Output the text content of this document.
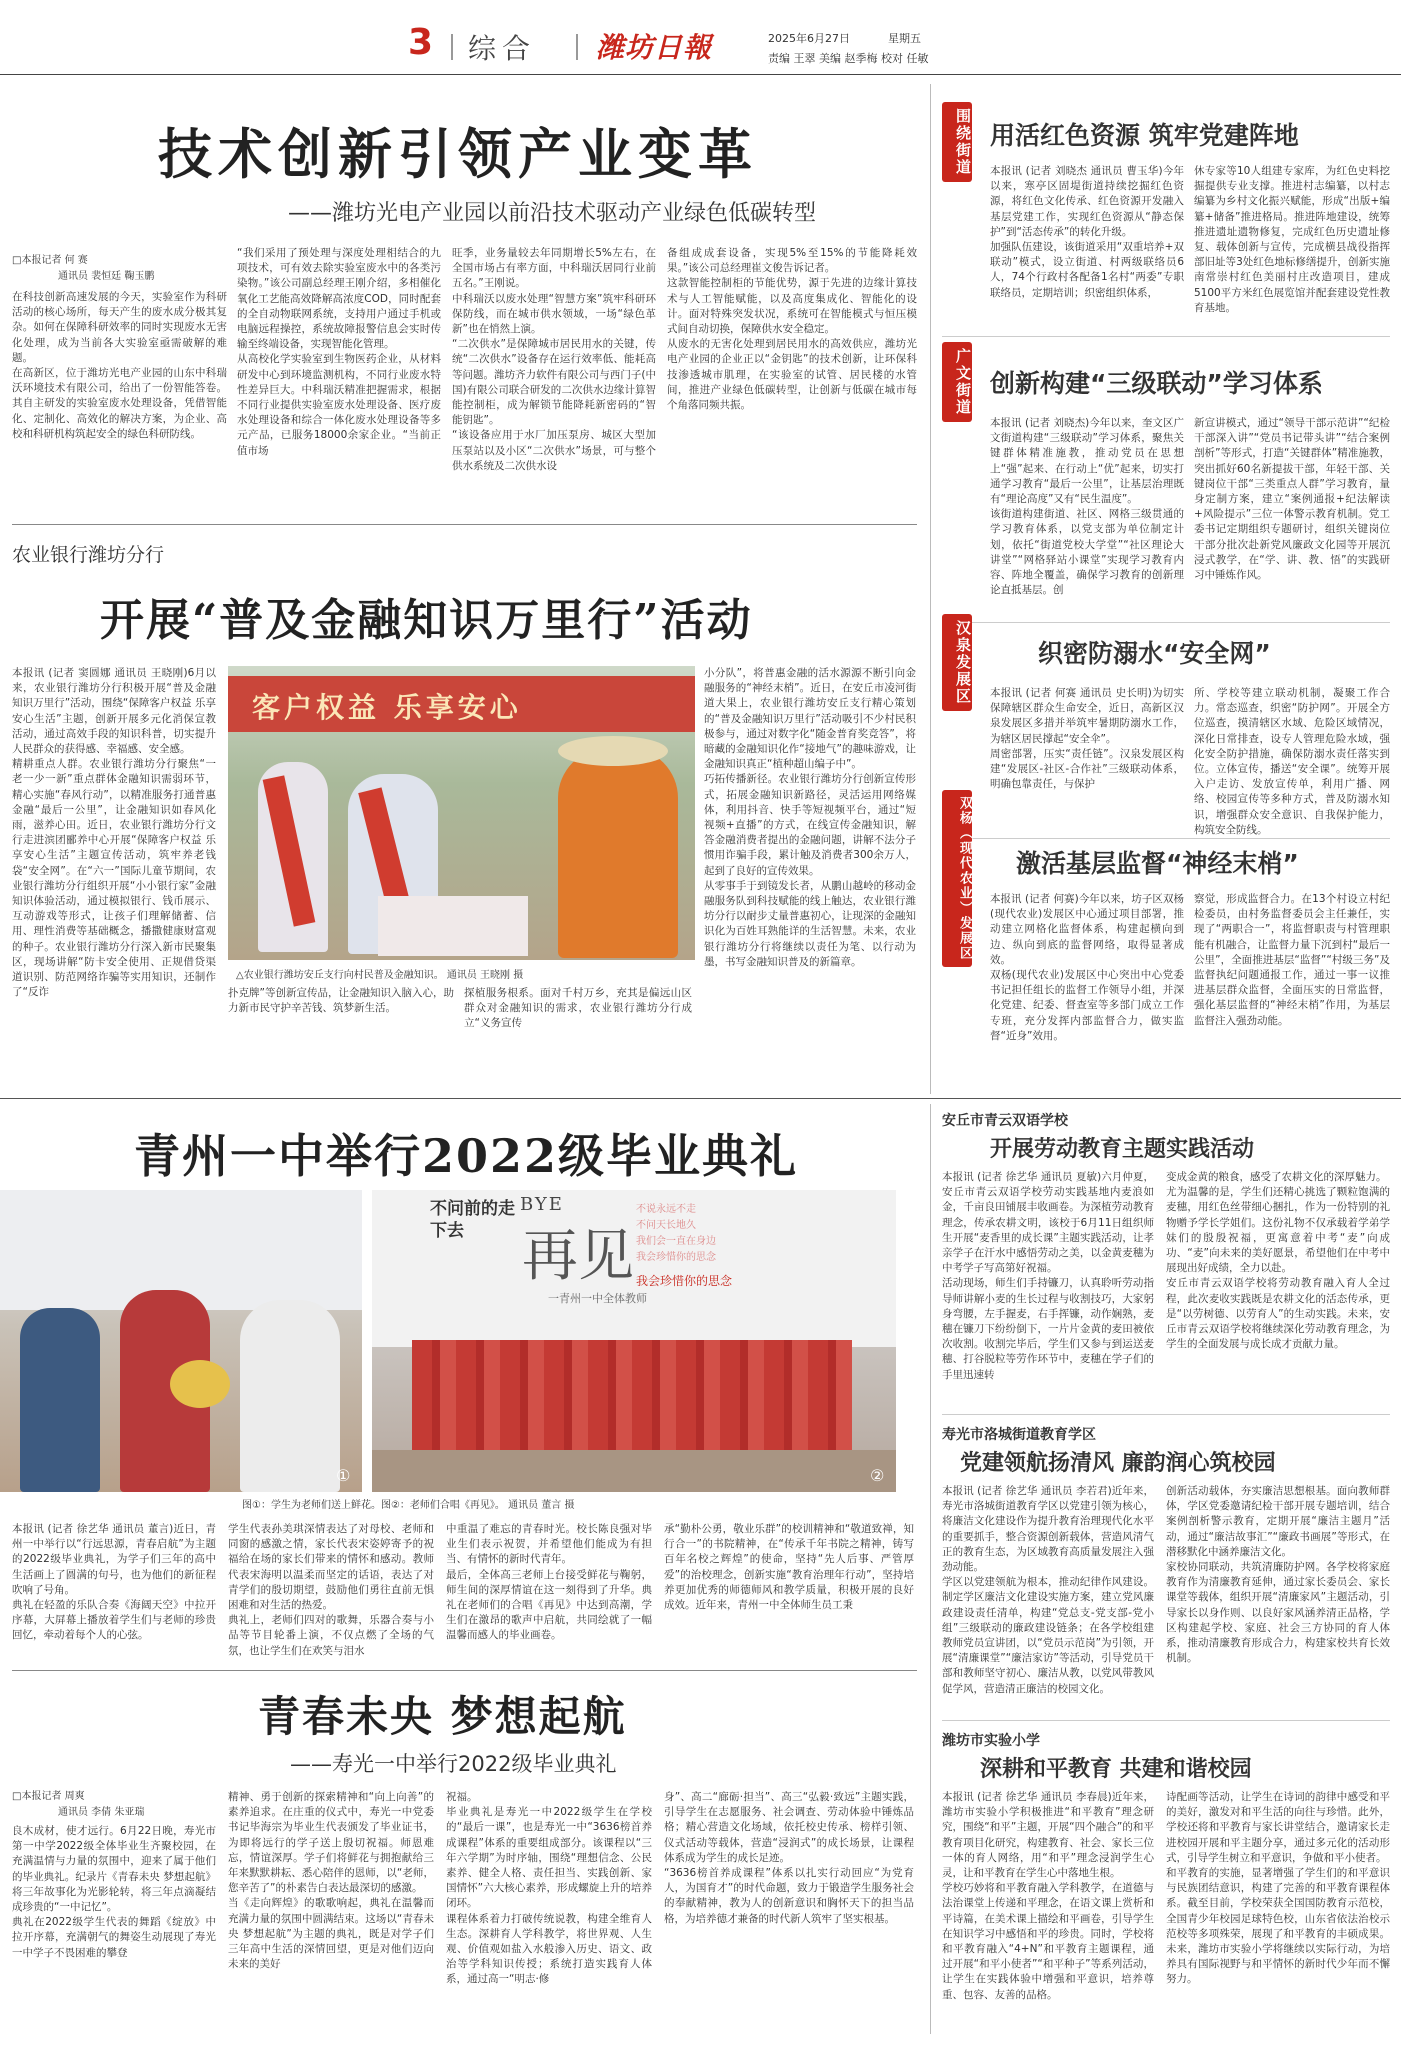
3 综合 潍坊日報	2025年6月27日	星期五
责编 王翠 美编 赵季梅 校对 任敏
技术创新引领产业变革
——潍坊光电产业园以前沿技术驱动产业绿色低碳转型
□本报记者 何 赛
通讯员 裴恒廷 鞠玉鹏
在科技创新高速发展的今天，实验室作为科研活动的核心场所，每天产生的废水成分极其复杂。如何在保障科研效率的同时实现废水无害化处理，成为当前各大实验室亟需破解的难题。
在高新区，位于潍坊光电产业园的山东中科瑞沃环境技术有限公司，给出了一份智能答卷。其自主研发的实验室废水处理设备，凭借智能化、定制化、高效化的解决方案，为企业、高校和科研机构筑起安全的绿色科研防线。
“我们采用了预处理与深度处理相结合的九项技术，可有效去除实验室废水中的各类污染物。”该公司副总经理王刚介绍，多相催化氧化工艺能高效降解高浓度COD，同时配套的全自动物联网系统，支持用户通过手机或电脑远程操控，系统故障报警信息会实时传输至终端设备，实现智能化管理。
从高校化学实验室到生物医药企业，从材料研发中心到环境监测机构，不同行业废水特性差异巨大。中科瑞沃精准把握需求，根据不同行业提供实验室废水处理设备、医疗废水处理设备和综合一体化废水处理设备等多元产品，已服务18000余家企业。“当前正值市场
旺季，业务量较去年同期增长5%左右，在全国市场占有率方面，中科瑞沃居同行业前五名。”王刚说。
中科瑞沃以废水处理“智慧方案”筑牢科研环保防线，而在城市供水领域，一场“绿色革新”也在悄然上演。
“二次供水”是保障城市居民用水的关键，传统“二次供水”设备存在运行效率低、能耗高等问题。潍坊齐力软件有限公司与西门子(中国)有限公司联合研发的二次供水边缘计算智能控制柜，成为解锁节能降耗新密码的“智能钥匙”。
“该设备应用于水厂加压泵房、城区大型加压泵站以及小区“二次供水”场景，可与整个供水系统及二次供水设
备组成成套设备，实现5%至15%的节能降耗效果。”该公司总经理崔文俊告诉记者。
这款智能控制柜的节能优势，源于先进的边缘计算技术与人工智能赋能，以及高度集成化、智能化的设计。面对特殊突发状况，系统可在智能模式与恒压模式间自动切换，保障供水安全稳定。
从废水的无害化处理到居民用水的高效供应，潍坊光电产业园的企业正以“金钥匙”的技术创新，让环保科技渗透城市肌理，在实验室的试管、居民楼的水管间，推进产业绿色低碳转型，让创新与低碳在城市每个角落同频共振。
农业银行潍坊分行
开展“普及金融知识万里行”活动
本报讯 (记者 窦圆娜 通讯员 王晓刚)6月以来，农业银行潍坊分行积极开展“普及金融知识万里行”活动，围绕“保障客户权益 乐享安心生活”主题，创新开展多元化消保宣教活动，通过高效手段的知识科普，切实提升人民群众的获得感、幸福感、安全感。
精耕重点人群。农业银行潍坊分行聚焦“一老一少一新”重点群体金融知识需弱环节，精心实施“春风行动”，以精准服务打通普惠金融“最后一公里”，让金融知识如春风化雨，滋养心田。近日，农业银行潍坊分行文行走进滨团郦养中心开展“保障客户权益 乐享安心生活”主题宣传活动，筑牢养老钱袋“安全网”。在“六一”国际儿童节期间，农业银行潍坊分行组织开展“小小银行家”金融知识体验活动，通过模拟银行、钱币展示、互动游戏等形式，让孩子们理解储蓄、信用、理性消费等基础概念，播撒健康财富观的种子。农业银行潍坊分行深入新市民聚集区，现场讲解“防卡安全使用、正规借贷渠道识别、防范网络诈骗等实用知识，还制作了“反诈
客户权益 乐享安心
△农业银行潍坊安丘支行向村民普及金融知识。 通讯员 王晓刚 摄
扑克牌”等创新宣传品，让金融知识入脑入心，助力新市民守护辛苦钱、筑梦新生活。
探植服务根系。面对千村万乡，充其是偏远山区群众对金融知识的需求，农业银行潍坊分行成立“义务宣传
小分队”，将普惠金融的活水源源不断引向金融服务的“神经末梢”。近日，在安丘市凌河街道大果上，农业银行潍坊安丘支行精心策划的“普及金融知识万里行”活动吸引不少村民积极参与，通过对数字化“随金普育奖竞答”，将暗藏的金融知识化作“接地气”的趣味游戏，让金融知识真正“植种超山编子中”。
巧拓传播新径。农业银行潍坊分行创新宣传形式，拓展金融知识新路径，灵活运用网络媒体，利用抖音、快手等短视频平台，通过“短视频+直播”的方式，在线宣传金融知识，解答金融消费者提出的金融问题，讲解不法分子惯用诈骗手段，累计触及消费者300余万人，起到了良好的宣传效果。
从零事手于到镜发长者，从鹏山越岭的移动金融服务队到科技赋能的线上触达，农业银行潍坊分行以耐步丈量普惠初心，让现深的金融知识化为百姓耳熟能详的生活智慧。未来，农业银行潍坊分行将继续以责任为笔、以行动为墨，书写金融知识普及的新篇章。
青州一中举行2022级毕业典礼
①
不问前的走下去
BYE
再见 我会珍惜你的思念
一青州一中全体教师
不说永远不走
不问天长地久
我们会一直在身边
我会珍惜你的思念
②
图①：学生为老师们送上鲜花。图②：老师们合唱《再见》。 通讯员 董言 摄
本报讯 (记者 徐艺华 通讯员 董言)近日，青州一中举行以“行远思源，青春启航”为主题的2022级毕业典礼，为学子们三年的高中生活画上了圆满的句号，也为他们的新征程吹响了号角。
典礼在轻盈的乐队合奏《海阔天空》中拉开序幕，大屏幕上播放着学生们与老师的珍贵回忆，牵动着每个人的心弦。
学生代表孙美琪深情表达了对母校、老师和同窗的感激之情，家长代表宋姿婷寄予的祝福给在场的家长们带来的情怀和感动。教师代表宋海明以温柔而坚定的话语，表达了对青学们的殷切期望，鼓励他们勇往直前无惧困难和对生活的热爱。
典礼上，老师们四对的歌舞，乐器合奏与小品等节目轮番上演，不仅点燃了全场的气氛，也让学生们在欢笑与泪水
中重温了难忘的青春时光。校长陈良强对毕业生们表示祝贺，并希望他们能成为有担当、有情怀的新时代青年。
最后，全体高三老师上台接受鲜花与鞠躬，师生间的深厚情谊在这一刻得到了升华。典礼在老师们的合唱《再见》中达到高潮，学生们在激昂的歌声中启航，共同绘就了一幅温馨而感人的毕业画卷。
承“勤朴公勇，敬业乐群”的校训精神和“敬道致禅，知行合一”的书院精神，在“传承千年书院之精神，铸写百年名校之辉煌”的使命，坚持“先人后事、严管厚爱”的治校理念，创新实施“教育治理年行动”，坚持培养更加优秀的师德师风和教学质量，积极开展的良好成效。近年来，青州一中全体师生员工秉
青春未央 梦想起航
——寿光一中举行2022级毕业典礼
□本报记者 周爽
通讯员 李倩 朱亚瑞
良木成材，使才远行。6月22日晚，寿光市第一中学2022级全体毕业生齐聚校园，在充满温情与力量的氛围中，迎来了属于他们的毕业典礼。纪录片《青春未央 梦想起航》将三年故事化为光影轮转，将三年点滴凝结成珍贵的“一中记忆”。
典礼在2022级学生代表的舞蹈《绽放》中拉开序幕，充满朝气的舞姿生动展现了寿光一中学子不畏困难的攀登
精神、勇于创新的探索精神和“向上向善”的素养追求。在庄重的仪式中，寿光一中党委书记毕海宗为毕业生代表颁发了毕业证书，为即将远行的学子送上殷切祝福。师恩难忘，情谊深厚。学子们将鲜花与拥抱献给三年来默默耕耘、悉心陪伴的恩师，以“老师，您辛苦了”的朴素告白表达最深切的感激。
当《走向辉煌》的歌歌响起，典礼在温馨而充满力量的氛围中圆满结束。这场以“青春未央 梦想起航”为主题的典礼，既是对学子们三年高中生活的深情回望，更是对他们迈向未来的美好
祝福。
毕业典礼是寿光一中2022级学生在学校的“最后一课”，也是寿光一中“3636榜首养成课程”体系的重要组成部分。该课程以“三年六学期”为时序轴，围绕“理想信念、公民素养、健全人格、责任担当、实践创新、家国情怀”六大核心素养，形成螺旋上升的培养闭环。
课程体系着力打破传统说教，构建全维育人生态。深耕育人学科教学，将世界观、人生观、价值观如盐入水般渗入历史、语文、政治等学科知识传授；系统打造实践育人体系，通过高一“明志·修
身”、高二“廊砺·担当”、高三“弘毅·致远”主题实践，引导学生在志愿服务、社会调查、劳动体验中锤炼品格；精心营造文化场域，依托校史传承、榜样引领、仪式活动等载体，营造“浸润式”的成长场景，让课程体系成为学生的成长足迹。
“3636榜首养成课程”体系以扎实行动回应“为党育人，为国育才”的时代命题，致力于锻造学生服务社会的奉献精神，教为人的创新意识和胸怀天下的担当品格，为培养德才兼备的时代新人筑牢了坚实根基。
围绕街道 用活红色资源 筑牢党建阵地
本报讯 (记者 刘晓杰 通讯员 曹玉华)今年以来，寒亭区固堤街道持续挖掘红色资源，将红色文化传承、红色资源开发融入基层党建工作，实现红色资源从“静态保护”到“活态传承”的转化升级。
加强队伍建设，该街道采用“双重培养+双联动”模式，设立街道、村两级联络员6人，74个行政村各配备1名村“两委”专职联络员，定期培训；织密组织体系，
休专家等10人组建专家库，为红色史料挖掘提供专业支撑。推进村志编纂，以村志编纂为乡村文化振兴赋能，形成“出版+编纂+储备”推进格局。推进阵地建设，统筹推进遗址遗物修复，完成红色历史遗址修复、载体创新与宣传，完成横县战役指挥部旧址等3处红色地标修缮提升，创新实施南常崇村红色美丽村庄改造项目，建成5100平方米红色展览馆并配套建设党性教育基地。
广文街道 创新构建“三级联动”学习体系
本报讯 (记者 刘晓杰)今年以来，奎文区广文街道构建“三级联动”学习体系，聚焦关键群体精准施教，推动党员在思想上“强”起来、在行动上“优”起来，切实打通学习教育“最后一公里”，让基层治理既有“理论高度”又有“民生温度”。
该街道构建街道、社区、网格三级贯通的学习教育体系，以党支部为单位制定计划，依托“街道党校大学堂”“社区理论大讲堂”“网格驿站小课堂”实现学习教育内容、阵地全覆盖，确保学习教育的创新理论直抵基层。创
新宣讲模式，通过“领导干部示范讲”“纪检干部深入讲”“党员书记带头讲”“结合案例剖析”等形式，打造“关键群体”精准施教，突出抓好60名新提拔干部，年轻干部、关键岗位干部“三类重点人群”学习教育，量身定制方案，建立“案例通报+纪法解读+风险提示”三位一体警示教育机制。党工委书记定期组织专题研讨，组织关键岗位干部分批次赴新党风廉政文化园等开展沉浸式教学，在“学、讲、教、悟”的实践研习中锤炼作风。
汉泉发展区	织密防溺水“安全网”
本报讯 (记者 何赛 通讯员 史长明)为切实保障辖区群众生命安全，近日，高新区汉泉发展区多措并举筑牢暑期防溺水工作，为辖区居民撑起“安全伞”。
周密部署，压实“责任链”。汉泉发展区构建“发展区-社区-合作社”三级联动体系，明确包靠责任，与保护
所、学校等建立联动机制，凝聚工作合力。常态巡查，织密“防护网”。开展全方位巡查，摸清辖区水域、危险区域情况，深化日常排查，设专人管理危险水域，强化安全防护措施，确保防溺水责任落实到位。立体宣传，播送“安全课”。统筹开展入户走访、发放宣传单，利用广播、网络、校园宣传等多种方式，普及防溺水知识，增强群众安全意识、自我保护能力，构筑安全防线。
双杨（现代农业）发展区 激活基层监督“神经末梢”
本报讯 (记者 何赛)今年以来，坊子区双杨(现代农业)发展区中心通过项目部署，推动建立网格化监督体系，构建起横向到边、纵向到底的监督网络，取得显著成效。
双杨(现代农业)发展区中心突出中心党委书记担任组长的监督工作领导小组，并深化党建、纪委、督查室等多部门成立工作专班，充分发挥内部监督合力，做实监督“近身”效用。
察觉，形成监督合力。在13个村设立村纪检委员，由村务监督委员会主任兼任，实现了“两职合一”，将监督职责与村管理职能有机融合，让监督力量下沉到村“最后一公里”，全面推进基层“监督”“村级三务”及监督执纪问题通报工作，通过一事一议推进基层群众监督，全面压实的日常监督，强化基层监督的“神经末梢”作用，为基层监督注入强劲动能。
安丘市青云双语学校
开展劳动教育主题实践活动
本报讯 (记者 徐艺华 通讯员 夏敏)六月仲夏，安丘市青云双语学校劳动实践基地内麦浪如金，千亩良田铺展丰收画卷。为深植劳动教育理念，传承农耕文明，该校于6月11日组织师生开展“麦香里的成长课”主题实践活动，让孝亲学子在汗水中感悟劳动之美，以金黄麦穗为中考学子写高第好祝福。
活动现场，师生们手持镰刀，认真聆听劳动指导师讲解小麦的生长过程与收割技巧，大家躬身弯腰，左手握麦，右手挥镰，动作娴熟，麦穗在镰刀下纷纷倒下，一片片金黄的麦田被依次收割。收割完毕后，学生们又参与到运送麦穗、打谷脱粒等劳作环节中，麦穗在学子们的手里迅速转
变成金黄的粮食，感受了农耕文化的深厚魅力。
尤为温馨的是，学生们还精心挑选了颗粒饱满的麦穗，用红色丝带细心捆扎，作为一份特别的礼物赠予学长学姐们。这份礼物不仅承载着学弟学妹们的殷殷祝福，更寓意着中考“麦”向成功、“麦”向未来的美好愿景，希望他们在中考中展现出好成绩，全力以赴。
安丘市青云双语学校将劳动教育融入育人全过程，此次麦收实践既是农耕文化的活态传承，更是“以劳树德、以劳育人”的生动实践。未来，安丘市青云双语学校将继续深化劳动教育理念，为学生的全面发展与成长成才贡献力量。
寿光市洛城街道教育学区
党建领航扬清风 廉韵润心筑校园
本报讯 (记者 徐艺华 通讯员 李若君)近年来，寿光市洛城街道教育学区以党建引领为核心，将廉洁文化建设作为提升教育治理现代化水平的重要抓手，整合资源创新载体，营造风清气正的教育生态，为区域教育高质量发展注入强劲动能。
学区以党建领航为根本，推动纪律作风建设。制定学区廉洁文化建设实施方案，建立党风廉政建设责任清单，构建“党总支-党支部-党小组”三级联动的廉政建设链条；在各学校组建教师党员宣讲团，以“党员示范岗”为引领，开展“清廉课堂”“廉洁家访”等活动，引导党员干部和教师坚守初心、廉洁从教，以党风带教风促学风，营造清正廉洁的校园文化。
创新活动载体，夯实廉洁思想根基。面向教师群体，学区党委邀请纪检干部开展专题培训，结合案例剖析警示教育，定期开展“廉洁主题月”活动，通过“廉洁故事汇”“廉政书画展”等形式，在潜移默化中涵养廉洁文化。
家校协同联动，共筑清廉防护网。各学校将家庭教育作为清廉教育延伸，通过家长委员会、家长课堂等载体，组织开展“清廉家风”主题活动，引导家长以身作则、以良好家风涵养清正品格，学区构建起学校、家庭、社会三方协同的育人体系，推动清廉教育形成合力，构建家校共育长效机制。
潍坊市实验小学
深耕和平教育 共建和谐校园
本报讯 (记者 徐艺华 通讯员 李春晨)近年来，潍坊市实验小学积极推进“和平教育”理念研究，围绕“和平”主题，开展“四个融合”的和平教育项目化研究，构建教育、社会、家长三位一体的育人网络，用“和平”理念浸润学生心灵，让和平教育在学生心中落地生根。
学校巧妙将和平教育融入学科教学，在道德与法治课堂上传递和平理念，在语文课上赏析和平诗篇，在美术课上描绘和平画卷，引导学生在知识学习中感悟和平的珍贵。同时，学校将和平教育融入“4+N”和平教育主题课程，通过开展“和平小使者”“和平种子”等系列活动，让学生在实践体验中增强和平意识，培养尊重、包容、友善的品格。
诗配画等活动，让学生在诗词的韵律中感受和平的美好，激发对和平生活的向往与珍惜。此外，学校还将和平教育与家长讲堂结合，邀请家长走进校园开展和平主题分享，通过多元化的活动形式，引导学生树立和平意识，争做和平小使者。
和平教育的实施，显著增强了学生们的和平意识与民族团结意识，构建了完善的和平教育课程体系。截至目前，学校荣获全国国防教育示范校，全国青少年校园足球特色校，山东省依法治校示范校等多项殊荣，展现了和平教育的丰硕成果。未来，潍坊市实验小学将继续以实际行动，为培养具有国际视野与和平情怀的新时代少年而不懈努力。
